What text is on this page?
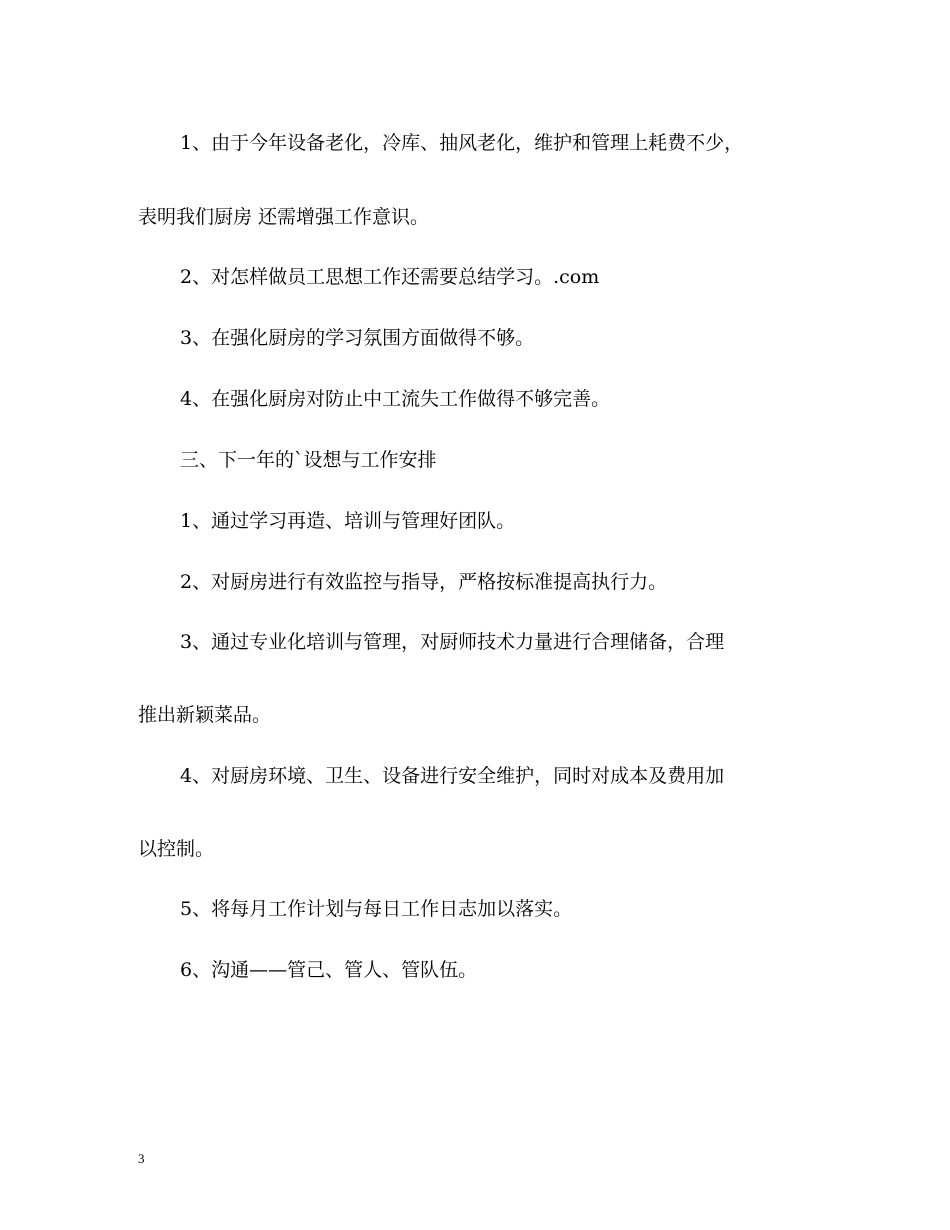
1、由于今年设备老化，冷库、抽风老化，维护和管理上耗费不少，
表明我们厨房 还需增强工作意识。
2、对怎样做员工思想工作还需要总结学习。.com
3、在强化厨房的学习氛围方面做得不够。
4、在强化厨房对防止中工流失工作做得不够完善。
三、下一年的`设想与工作安排
1、通过学习再造、培训与管理好团队。
2、对厨房进行有效监控与指导，严格按标准提高执行力。
3、通过专业化培训与管理，对厨师技术力量进行合理储备，合理
推出新颖菜品。
4、对厨房环境、卫生、设备进行安全维护，同时对成本及费用加
以控制。
5、将每月工作计划与每日工作日志加以落实。
6、沟通——管己、管人、管队伍。
3
